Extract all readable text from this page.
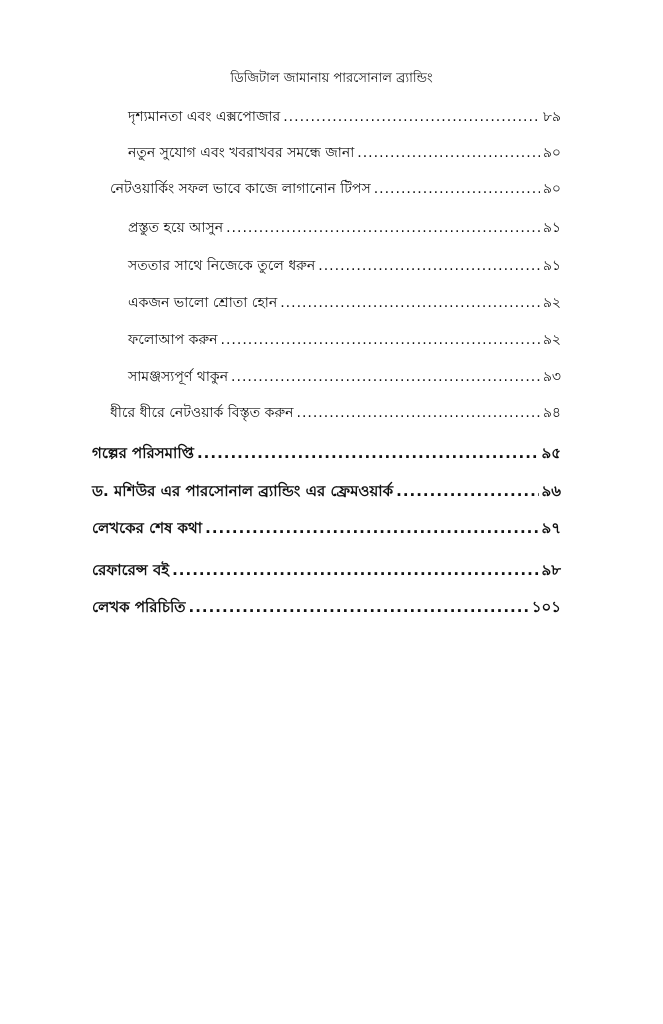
ডিজিটাল জামানায় পারসোনাল ব্র্যান্ডিং
দৃশ্যমানতা এবং এক্সপোজার .....	৮৯
নতুন সুযোগ এবং খবরাখবর সমন্ধে জানা .....	৯০
নেটওয়ার্কিং সফল ভাবে কাজে লাগানোন টিপস .....	৯০
প্রস্তুত হয়ে আসুন .....	৯১
সততার সাথে নিজেকে তুলে ধরুন .....	৯১
একজন ভালো শ্রোতা হোন .....	৯২
ফলোআপ করুন .....	৯২
সামঞ্জস্যপূর্ণ থাকুন .....	৯৩
ধীরে ধীরে নেটওয়ার্ক বিস্তৃত করুন .....	৯৪
গল্পের পরিসমাপ্তি .....	৯৫
ড. মশিউর এর পারসোনাল ব্র্যান্ডিং এর ফ্রেমওয়ার্ক .....	৯৬
লেখকের শেষ কথা .....	৯৭
রেফারেন্স বই .....	৯৮
লেখক পরিচিতি .....	১০১
